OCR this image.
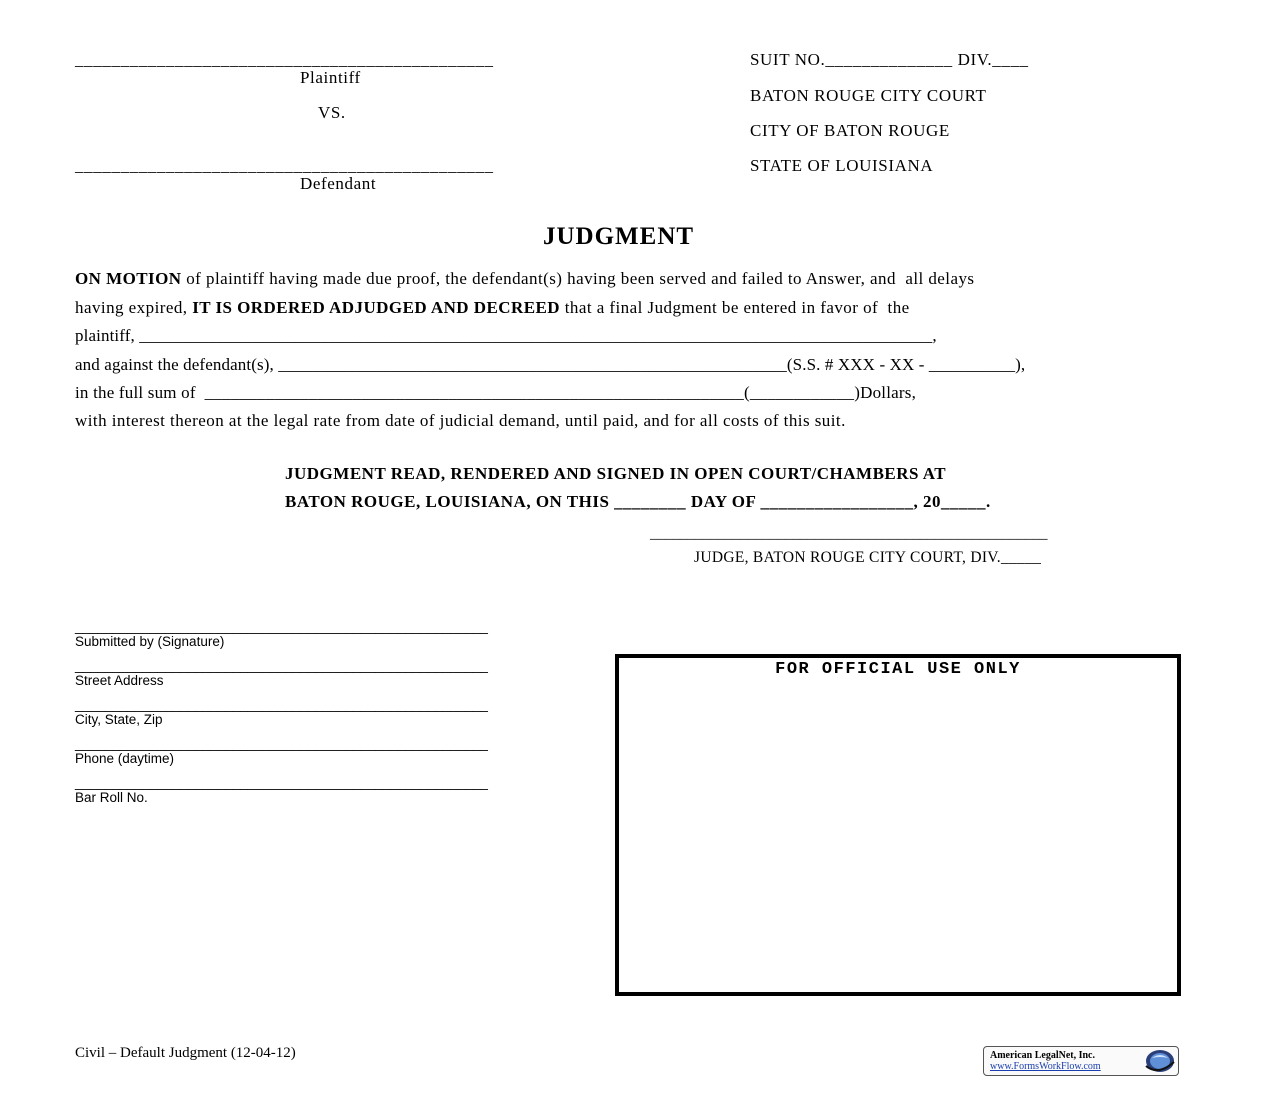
______________________________________________
Plaintiff
VS.
______________________________________________
Defendant
SUIT NO.______________ DIV.____
BATON ROUGE CITY COURT
CITY OF BATON ROUGE
STATE OF LOUISIANA
JUDGMENT
ON MOTION of plaintiff having made due proof, the defendant(s) having been served and failed to Answer, and  all delays
having expired, IT IS ORDERED ADJUDGED AND DECREED that a final Judgment be entered in favor of  the
plaintiff, ____________________________________________________________________________________________,
and against the defendant(s), ___________________________________________________________(S.S. # XXX - XX - __________),
in the full sum of  ______________________________________________________________(____________)Dollars,
with interest thereon at the legal rate from date of judicial demand, until paid, and for all costs of this suit.
JUDGMENT READ, RENDERED AND SIGNED IN OPEN COURT/CHAMBERS AT
BATON ROUGE, LOUISIANA, ON THIS ________ DAY OF _________________, 20_____.
_____________________________________________________
JUDGE, BATON ROUGE CITY COURT, DIV._____
_______________________________________________________
Submitted by (Signature)
_______________________________________________________
Street Address
_______________________________________________________
City, State, Zip
_______________________________________________________
Phone (daytime)
_______________________________________________________
Bar Roll No.
FOR OFFICIAL USE ONLY
Civil – Default Judgment (12-04-12)	American LegalNet, Inc.
www.FormsWorkFlow.com
